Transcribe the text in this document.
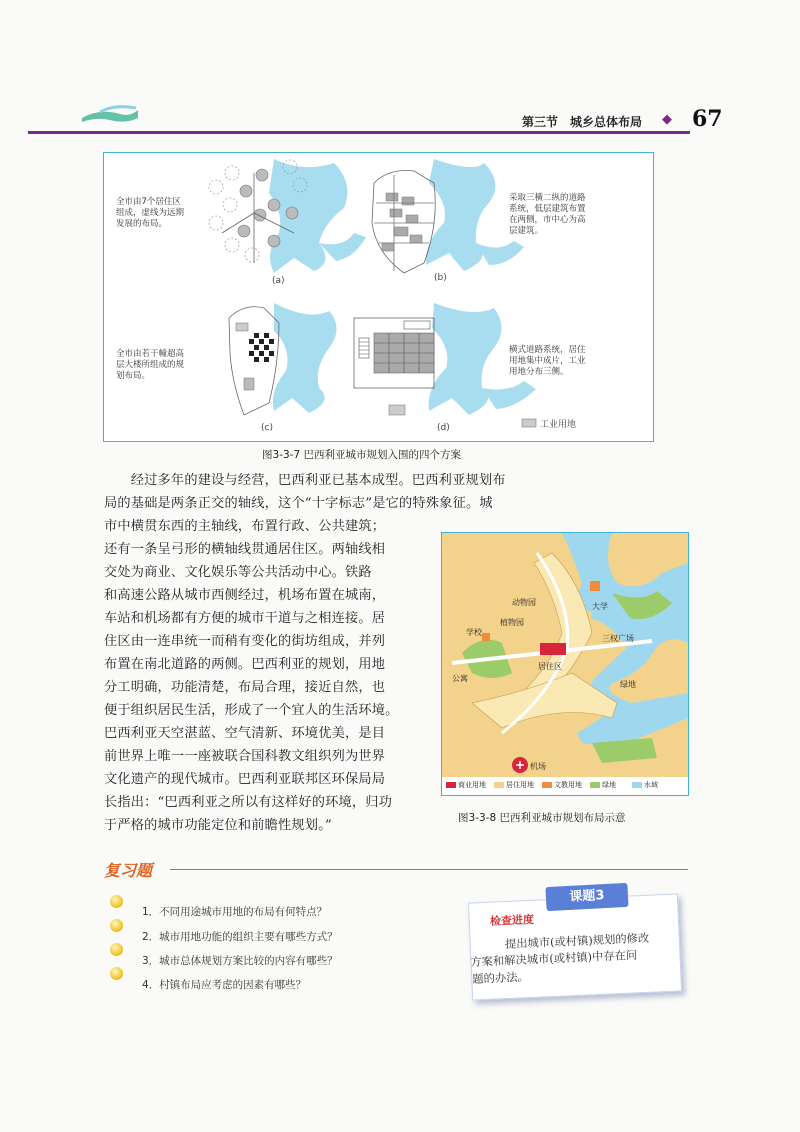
第三节　城乡总体布局 ◆ 67
全市由7个居住区
组成，虚线为远期
发展的布局。
采取三横二纵的道路
系统，低层建筑布置
在两侧，市中心为高
层建筑。
全市由若干幢超高
层大楼所组成的规
划布局。
横式道路系统，居住
用地集中成片，工业
用地分布三侧。
(a)	(b)
(c)	(d)	工业用地
图3-3-7 巴西利亚城市规划入围的四个方案
　　经过多年的建设与经营，巴西利亚已基本成型。巴西利亚规划布
局的基础是两条正交的轴线，这个“十字标志”是它的特殊象征。城
市中横贯东西的主轴线，布置行政、公共建筑；
还有一条呈弓形的横轴线贯通居住区。两轴线相
交处为商业、文化娱乐等公共活动中心。铁路
和高速公路从城市西侧经过，机场布置在城南，
车站和机场都有方便的城市干道与之相连接。居
住区由一连串统一而稍有变化的街坊组成，并列
布置在南北道路的两侧。巴西利亚的规划，用地
分工明确，功能清楚，布局合理，接近自然，也
便于组织居民生活，形成了一个宜人的生活环境。
巴西利亚天空湛蓝、空气清新、环境优美，是目
前世界上唯一一座被联合国科教文组织列为世界
文化遗产的现代城市。巴西利亚联邦区环保局局
长指出：“巴西利亚之所以有这样好的环境，归功
于严格的城市功能定位和前瞻性规划。”
动物园
植物园
学校
大学
三权广场
绿地
机场
居住区
公寓
商业用地	居住用地	文教用地	绿地	水域
图3-3-8 巴西利亚城市规划布局示意
复习题
1．不同用途城市用地的布局有何特点？
2．城市用地功能的组织主要有哪些方式？
3．城市总体规划方案比较的内容有哪些？
4．村镇布局应考虑的因素有哪些？
课题3
检查进度
　　提出城市(或村镇)规划的修改
方案和解决城市(或村镇)中存在问
题的办法。
